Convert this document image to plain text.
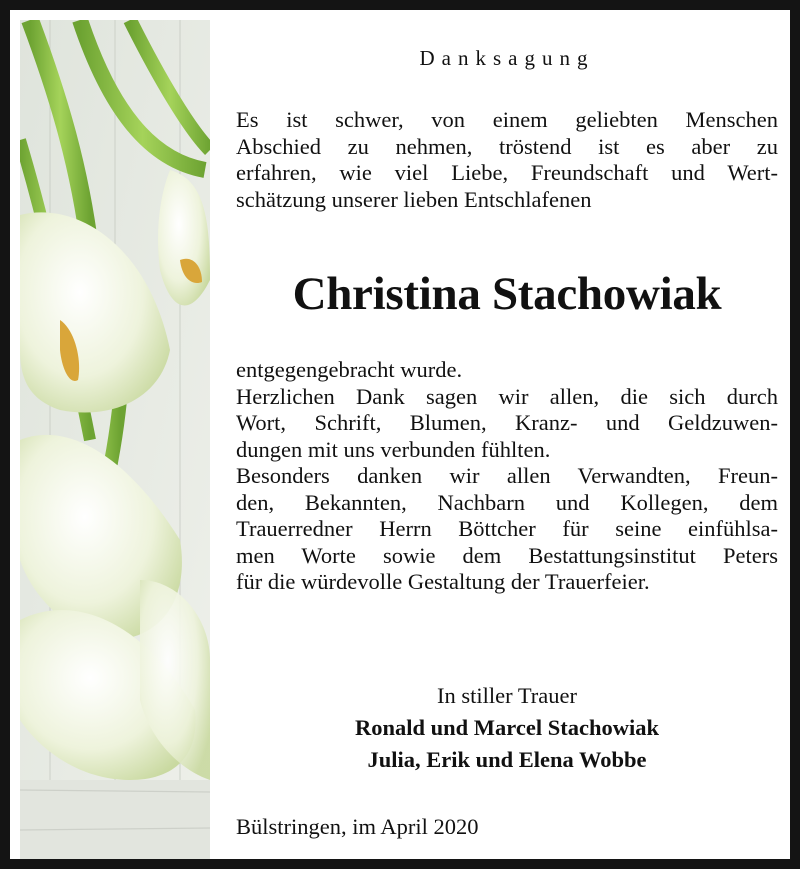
Danksagung
Es ist schwer, von einem geliebten Menschen
Abschied zu nehmen, tröstend ist es aber zu
erfahren, wie viel Liebe, Freundschaft und Wert-
schätzung unserer lieben Entschlafenen
Christina Stachowiak
entgegengebracht wurde.
Herzlichen Dank sagen wir allen, die sich durch
Wort, Schrift, Blumen, Kranz- und Geldzuwen-
dungen mit uns verbunden fühlten.
Besonders danken wir allen Verwandten, Freun-
den, Bekannten, Nachbarn und Kollegen, dem
Trauerredner Herrn Böttcher für seine einfühlsa-
men Worte sowie dem Bestattungsinstitut Peters
für die würdevolle Gestaltung der Trauerfeier.
In stiller Trauer
Ronald und Marcel Stachowiak
Julia, Erik und Elena Wobbe
Bülstringen, im April 2020
